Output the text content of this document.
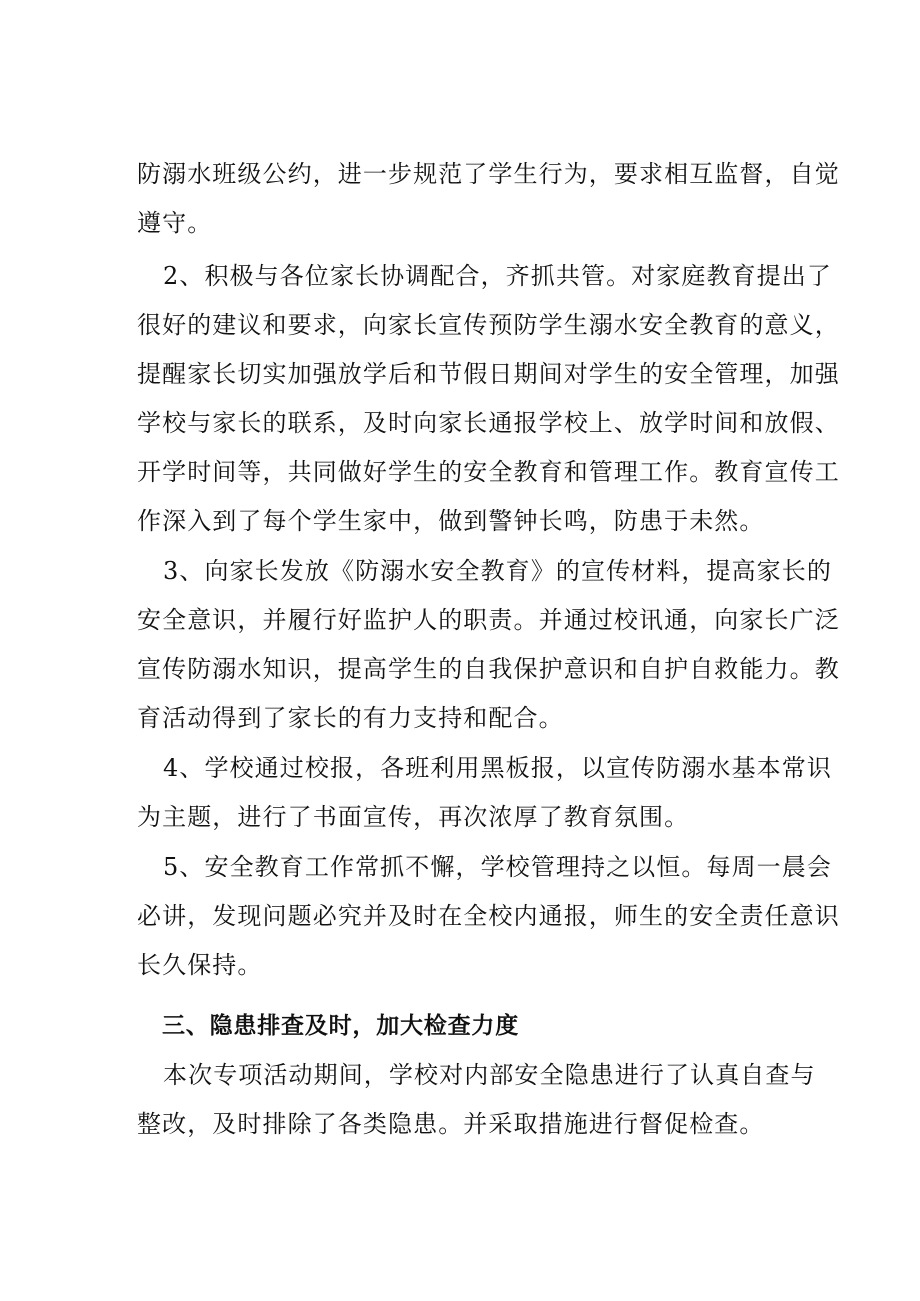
防溺水班级公约，进一步规范了学生行为，要求相互监督，自觉
遵守。
2、积极与各位家长协调配合，齐抓共管。对家庭教育提出了
很好的建议和要求，向家长宣传预防学生溺水安全教育的意义，
提醒家长切实加强放学后和节假日期间对学生的安全管理，加强
学校与家长的联系，及时向家长通报学校上、放学时间和放假、
开学时间等，共同做好学生的安全教育和管理工作。教育宣传工
作深入到了每个学生家中，做到警钟长鸣，防患于未然。
3、向家长发放《防溺水安全教育》的宣传材料，提高家长的
安全意识，并履行好监护人的职责。并通过校讯通，向家长广泛
宣传防溺水知识，提高学生的自我保护意识和自护自救能力。教
育活动得到了家长的有力支持和配合。
4、学校通过校报，各班利用黑板报，以宣传防溺水基本常识
为主题，进行了书面宣传，再次浓厚了教育氛围。
5、安全教育工作常抓不懈，学校管理持之以恒。每周一晨会
必讲，发现问题必究并及时在全校内通报，师生的安全责任意识
长久保持。
三、隐患排查及时，加大检查力度
本次专项活动期间，学校对内部安全隐患进行了认真自查与
整改，及时排除了各类隐患。并采取措施进行督促检查。
